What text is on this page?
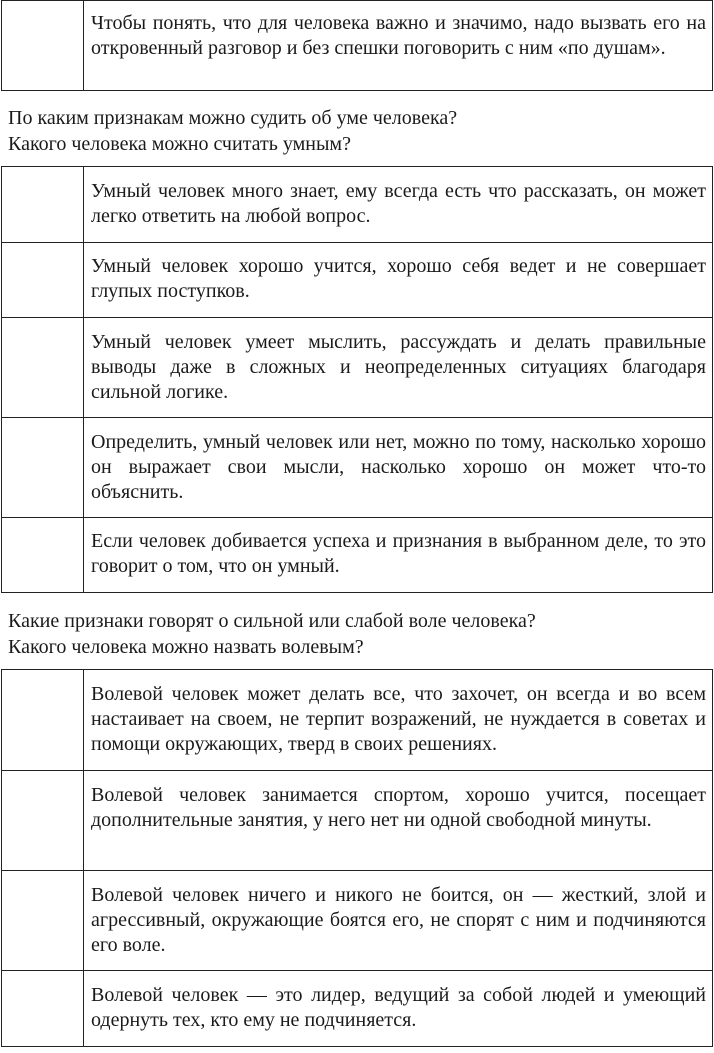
	Чтобы понять, что для человека важно и значимо, надо вызвать его на откровенный разговор и без спешки поговорить с ним «по душам».
По каким признакам можно судить об уме человека?
Какого человека можно считать умным?
	Умный человек много знает, ему всегда есть что рассказать, он может легко ответить на любой вопрос.
	Умный человек хорошо учится, хорошо себя ведет и не совершает глупых поступков.
	Умный человек умеет мыслить, рассуждать и делать правильные выводы даже в сложных и неопределенных ситуациях благодаря сильной логике.
	Определить, умный человек или нет, можно по тому, насколько хорошо он выражает свои мысли, насколько хорошо он может что-то объяснить.
	Если человек добивается успеха и признания в выбранном деле, то это говорит о том, что он умный.
Какие признаки говорят о сильной или слабой воле человека?
Какого человека можно назвать волевым?
	Волевой человек может делать все, что захочет, он всегда и во всем настаивает на своем, не терпит возражений, не нуждается в советах и помощи окружающих, тверд в своих решениях.
	Волевой человек занимается спортом, хорошо учится, посещает дополнительные занятия, у него нет ни одной свободной минуты.
	Волевой человек ничего и никого не боится, он — жесткий, злой и агрессивный, окружающие боятся его, не спорят с ним и подчиняются его воле.
	Волевой человек — это лидер, ведущий за собой людей и умеющий одернуть тех, кто ему не подчиняется.
